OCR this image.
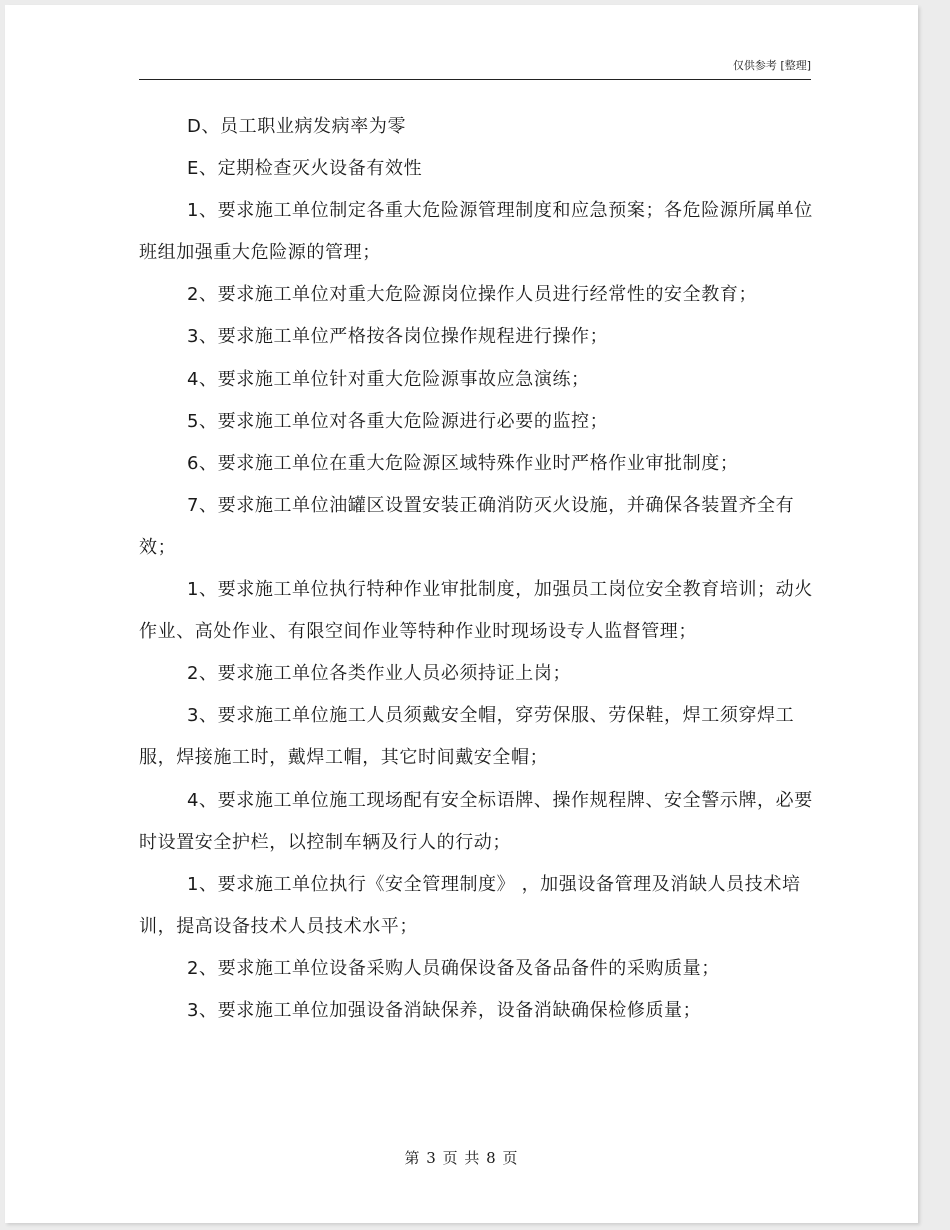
仅供参考 [整理]

D、员工职业病发病率为零

E、定期检查灭火设备有效性

1、要求施工单位制定各重大危险源管理制度和应急预案；各危险源所属单位班组加强重大危险源的管理；

2、要求施工单位对重大危险源岗位操作人员进行经常性的安全教育；

3、要求施工单位严格按各岗位操作规程进行操作；

4、要求施工单位针对重大危险源事故应急演练；

5、要求施工单位对各重大危险源进行必要的监控；

6、要求施工单位在重大危险源区域特殊作业时严格作业审批制度；

7、要求施工单位油罐区设置安装正确消防灭火设施，并确保各装置齐全有效；

1、要求施工单位执行特种作业审批制度，加强员工岗位安全教育培训；动火作业、高处作业、有限空间作业等特种作业时现场设专人监督管理；

2、要求施工单位各类作业人员必须持证上岗；

3、要求施工单位施工人员须戴安全帽，穿劳保服、劳保鞋，焊工须穿焊工服，焊接施工时，戴焊工帽，其它时间戴安全帽；

4、要求施工单位施工现场配有安全标语牌、操作规程牌、安全警示牌，必要时设置安全护栏，以控制车辆及行人的行动；

1、要求施工单位执行《安全管理制度》 ，加强设备管理及消缺人员技术培训，提高设备技术人员技术水平；

2、要求施工单位设备采购人员确保设备及备品备件的采购质量；

3、要求施工单位加强设备消缺保养，设备消缺确保检修质量；

第 3 页 共 8 页
